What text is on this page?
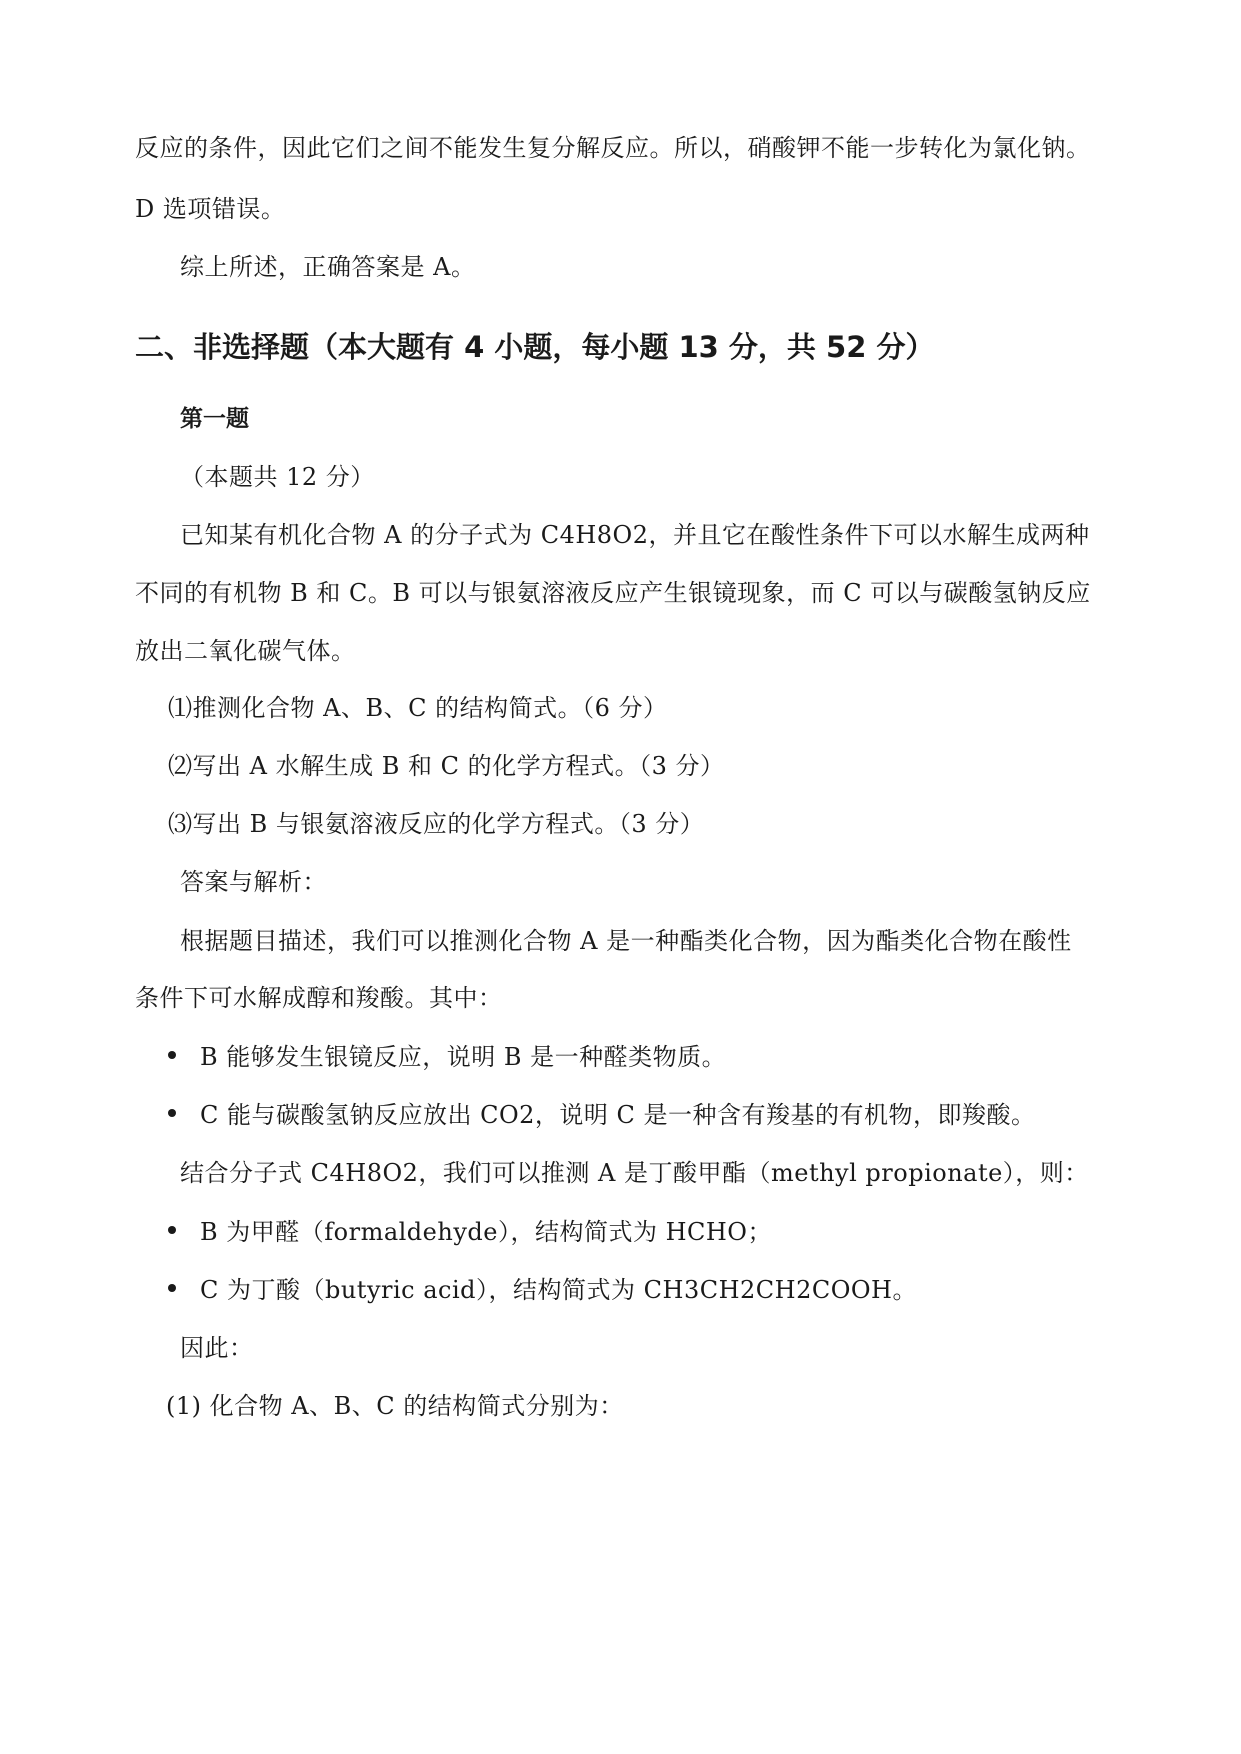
反应的条件，因此它们之间不能发生复分解反应。所以，硝酸钾不能一步转化为氯化钠。
D 选项错误。
综上所述，正确答案是 A。
二、非选择题（本大题有 4 小题，每小题 13 分，共 52 分）
第一题
（本题共 12 分）
已知某有机化合物 A 的分子式为 C4H8O2，并且它在酸性条件下可以水解生成两种
不同的有机物 B 和 C。B 可以与银氨溶液反应产生银镜现象，而 C 可以与碳酸氢钠反应
放出二氧化碳气体。
⑴推测化合物 A、B、C 的结构简式。（6 分）
⑵写出 A 水解生成 B 和 C 的化学方程式。（3 分）
⑶写出 B 与银氨溶液反应的化学方程式。（3 分）
答案与解析：
根据题目描述，我们可以推测化合物 A 是一种酯类化合物，因为酯类化合物在酸性
条件下可水解成醇和羧酸。其中：
B 能够发生银镜反应，说明 B 是一种醛类物质。
C 能与碳酸氢钠反应放出 CO2，说明 C 是一种含有羧基的有机物，即羧酸。
结合分子式 C4H8O2，我们可以推测 A 是丁酸甲酯（methyl propionate），则：
B 为甲醛（formaldehyde），结构简式为 HCHO；
C 为丁酸（butyric acid），结构简式为 CH3CH2CH2COOH。
因此：
(1) 化合物 A、B、C 的结构简式分别为：
